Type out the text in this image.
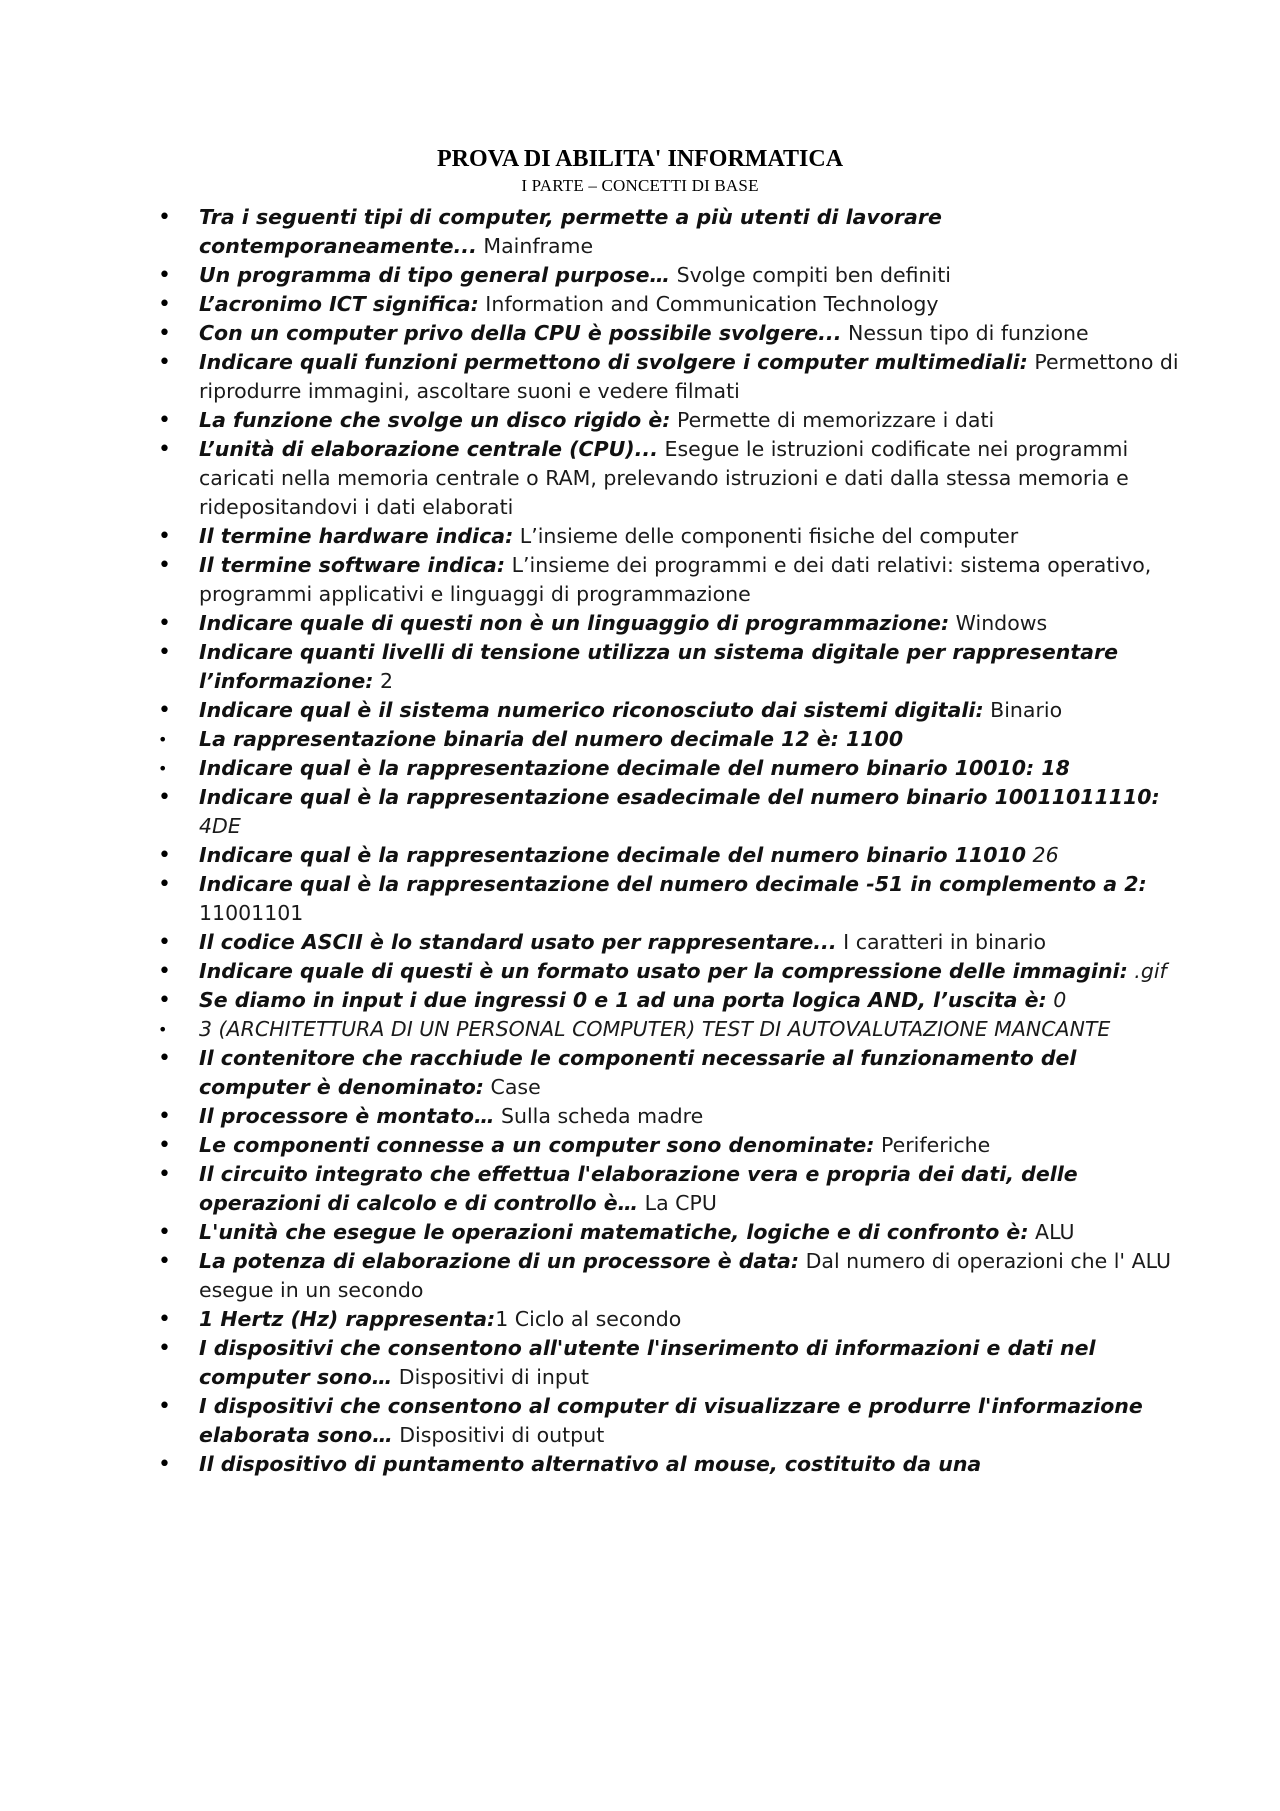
PROVA DI ABILITA' INFORMATICA
I PARTE – CONCETTI DI BASE
• Tra i seguenti tipi di computer, permette a più utenti di lavorare contemporaneamente... Mainframe
• Un programma di tipo general purpose… Svolge compiti ben definiti
• L’acronimo ICT significa: Information and Communication Technology
• Con un computer privo della CPU è possibile svolgere... Nessun tipo di funzione
• Indicare quali funzioni permettono di svolgere i computer multimediali: Permettono di riprodurre immagini, ascoltare suoni e vedere filmati
• La funzione che svolge un disco rigido è: Permette di memorizzare i dati
• L’unità di elaborazione centrale (CPU)... Esegue le istruzioni codificate nei programmi caricati nella memoria centrale o RAM, prelevando istruzioni e dati dalla stessa memoria e ridepositandovi i dati elaborati
• Il termine hardware indica: L’insieme delle componenti fisiche del computer
• Il termine software indica: L’insieme dei programmi e dei dati relativi: sistema operativo, programmi applicativi e linguaggi di programmazione
• Indicare quale di questi non è un linguaggio di programmazione: Windows
• Indicare quanti livelli di tensione utilizza un sistema digitale per rappresentare l’informazione: 2
• Indicare qual è il sistema numerico riconosciuto dai sistemi digitali: Binario
• La rappresentazione binaria del numero decimale 12 è: 1100
• Indicare qual è la rappresentazione decimale del numero binario 10010: 18
• Indicare qual è la rappresentazione esadecimale del numero binario 10011011110: 4DE
• Indicare qual è la rappresentazione decimale del numero binario 11010 26
• Indicare qual è la rappresentazione del numero decimale -51 in complemento a 2: 11001101
• Il codice ASCII è lo standard usato per rappresentare... I caratteri in binario
• Indicare quale di questi è un formato usato per la compressione delle immagini: .gif
• Se diamo in input i due ingressi 0 e 1 ad una porta logica AND, l’uscita è: 0
• 3 (ARCHITETTURA DI UN PERSONAL COMPUTER) TEST DI AUTOVALUTAZIONE MANCANTE
• Il contenitore che racchiude le componenti necessarie al funzionamento del computer è denominato: Case
• Il processore è montato… Sulla scheda madre
• Le componenti connesse a un computer sono denominate: Periferiche
• Il circuito integrato che effettua l'elaborazione vera e propria dei dati, delle operazioni di calcolo e di controllo è… La CPU
• L'unità che esegue le operazioni matematiche, logiche e di confronto è: ALU
• La potenza di elaborazione di un processore è data: Dal numero di operazioni che l' ALU esegue in un secondo
• 1 Hertz (Hz) rappresenta:1 Ciclo al secondo
• I dispositivi che consentono all'utente l'inserimento di informazioni e dati nel computer sono… Dispositivi di input
• I dispositivi che consentono al computer di visualizzare e produrre l'informazione elaborata sono… Dispositivi di output
• Il dispositivo di puntamento alternativo al mouse, costituito da una
